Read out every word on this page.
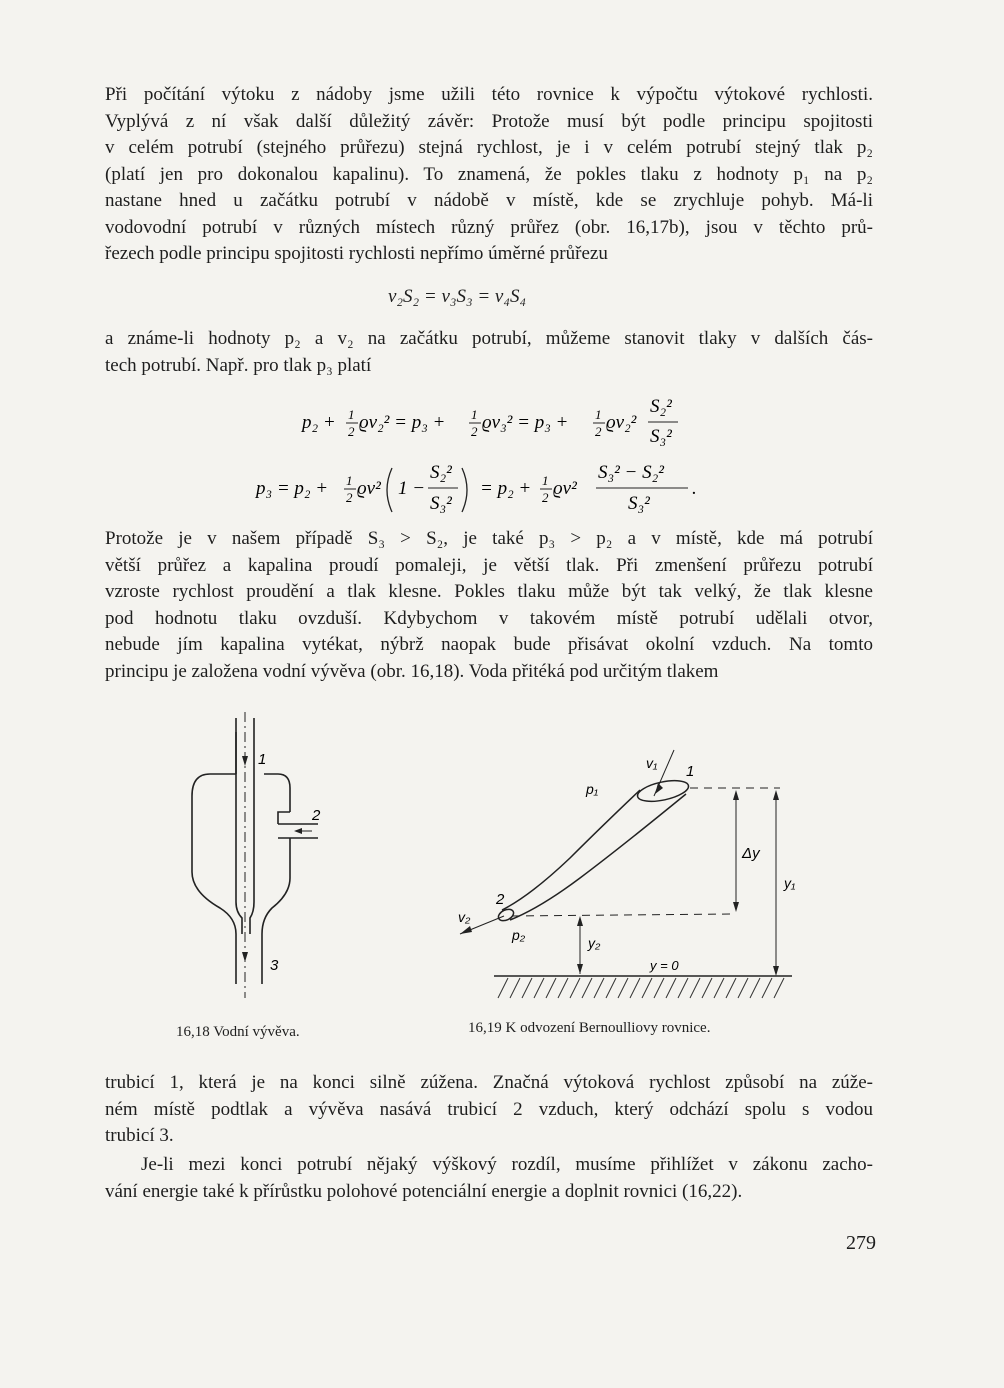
Při počítání výtoku z nádoby jsme užili této rovnice k výpočtu výtokové rychlosti.
Vyplývá z ní však další důležitý závěr: Protože musí být podle principu spojitosti
v celém potrubí (stejného průřezu) stejná rychlost, je i v celém potrubí stejný tlak p₂
(platí jen pro dokonalou kapalinu). To znamená, že pokles tlaku z hodnoty p₁ na p₂
nastane hned u začátku potrubí v nádobě v místě, kde se zrychluje pohyb. Má-li
vodovodní potrubí v různých místech různý průřez (obr. 16,17b), jsou v těchto prů-
řezech podle principu spojitosti rychlosti nepřímo úměrné průřezu
v₂S₂ = v₃S₃ = v₄S₄
a známe-li hodnoty p₂ a v₂ na začátku potrubí, můžeme stanovit tlaky v dalších čás-
tech potrubí. Např. pro tlak p₃ platí
p₂ + 1
2 ϱv₂² = p₃ + 1
2 ϱv₃² = p₃ + 1
2 ϱv₂²
S₂²
S₃²
p₃ = p₂ + 1
2 ϱv² 1 −
S₂²
S₃²
= p₂ + 1
2 ϱv²
S₃² − S₂²
S₃²
.
Protože je v našem případě S₃ > S₂, je také p₃ > p₂ a v místě, kde má potrubí
větší průřez a kapalina proudí pomaleji, je větší tlak. Při zmenšení průřezu potrubí
vzroste rychlost proudění a tlak klesne. Pokles tlaku může být tak velký, že tlak klesne
pod hodnotu tlaku ovzduší. Kdybychom v takovém místě potrubí udělali otvor,
nebude jím kapalina vytékat, nýbrž naopak bude přisávat okolní vzduch. Na tomto
principu je založena vodní vývěva (obr. 16,18). Voda přitéká pod určitým tlakem
1
2
3
16,18 Vodní vývěva.
v₁ 1
p₁
Δy
y₁
2
v₂
p₂	y₂
y = 0
16,19 K odvození Bernoulliovy rovnice.
trubicí 1, která je na konci silně zúžena. Značná výtoková rychlost způsobí na zúže-
ném místě podtlak a vývěva nasává trubicí 2 vzduch, který odchází spolu s vodou
trubicí 3.
Je-li mezi konci potrubí nějaký výškový rozdíl, musíme přihlížet v zákonu zacho-
vání energie také k přírůstku polohové potenciální energie a doplnit rovnici (16,22).
279
